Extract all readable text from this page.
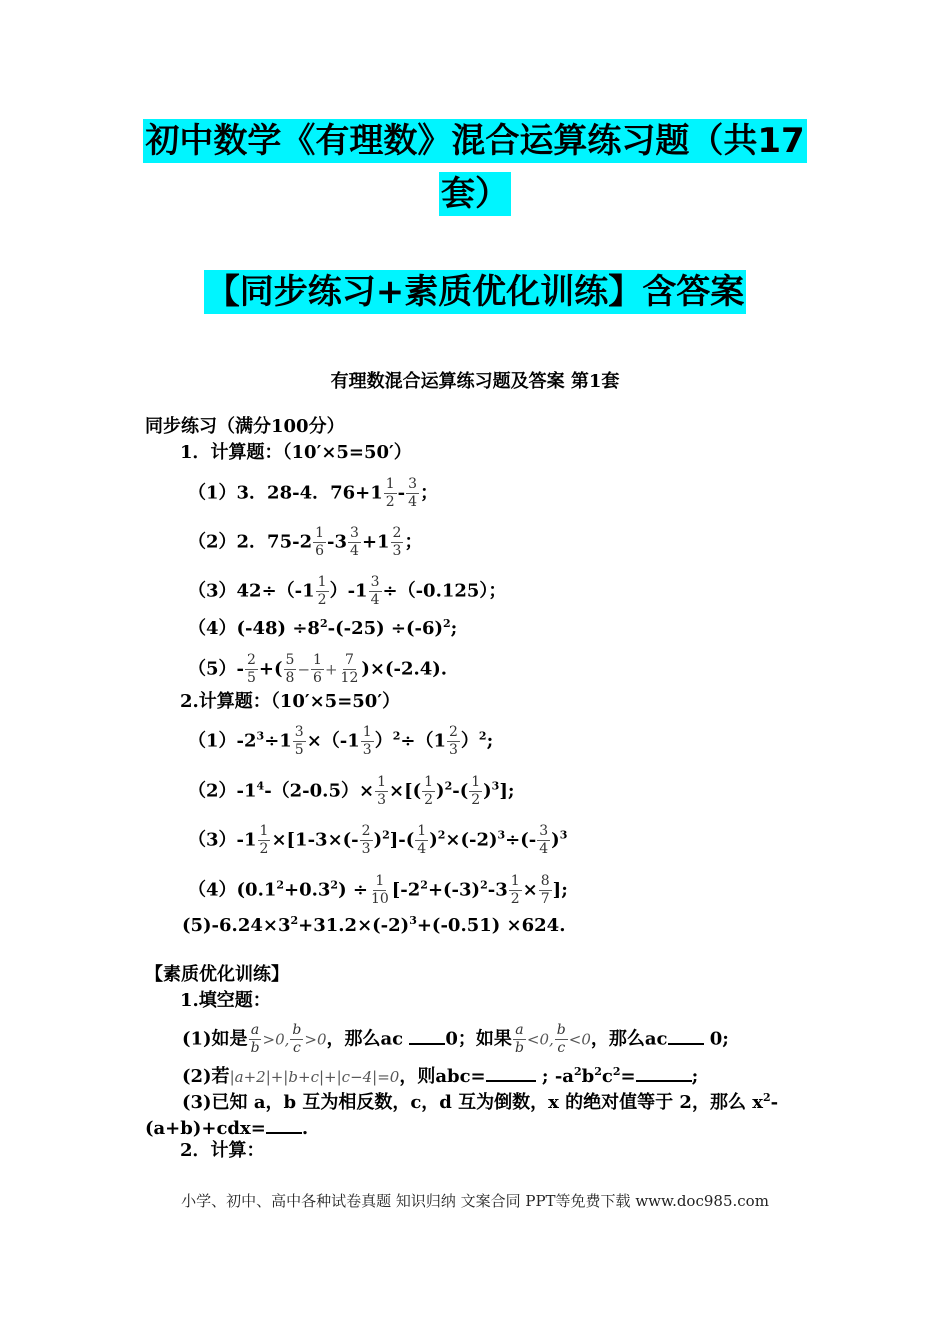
初中数学《有理数》混合运算练习题（共17
套）
【同步练习+素质优化训练】含答案
有理数混合运算练习题及答案 第1套
同步练习（满分100分）
1．计算题：（10′×5=50′）
（1）3．28-4．$76+1 \frac{1}{2} - \frac{3}{4}$ ；
（2）2．$75-2 \frac{1}{6} -3 \frac{3}{4} +1 \frac{2}{3}$ ；
$(3)42\div(-1 \frac{1}{2} )-1 \frac{3}{4} \div(-0.125)$；
$(4)(-48) \div 8^2-(-25) \div(-6)^2$;
$(5)- \frac{2}{5}$ +( $\frac{5}{8} - \frac{1}{6} + \frac{7}{12} )\times(-2.4)$.
2.计算题：（10′×5=50′）
$(1)-2^3\div 1 \frac{3}{5} \times(-1 \frac{1}{3} )^2\div(1 \frac{2}{3} )^2$;
$(2)-1^4-(2-0.5)\times \frac{1}{3}$ ×[( $\frac{1}{2} )^2-( \frac{1}{2} )^3$];
$(3)-1 \frac{1}{2} \times[1-3\times(- \frac{2}{3} )^2]-( \frac{1}{4} )^2\times(-2)^3\div(- \frac{3}{4} )^3$
$(4)(0.1^2+0.3^2) \div \frac{1}{10} [-2^2+(-3)^2-3 \frac{1}{2} \times \frac{8}{7}$ ];
$(5)-6.24\times 3^2+31.2\times(-2)^3+(-0.51) \times 624$.
【素质优化训练】
1.填空题：
(1)如是 $\frac{a}{b} >0$, $\frac{b}{c} >0$，那么ac 0；如果 $\frac{a}{b} <0$, $\frac{b}{c} <0$，那么ac 0;
(2)若|a+2|+|b+c|+|c−4|=0，则abc=	; $-a^2b^2c^2=$	;
(3)已知 a，b 互为相反数，c，d 互为倒数，x 的绝对值等于 2，那么 $x^2-$
(a+b)+cdx= .
2．计算：
小学、初中、高中各种试卷真题 知识归纳 文案合同 PPT等免费下载 www.doc985.com
